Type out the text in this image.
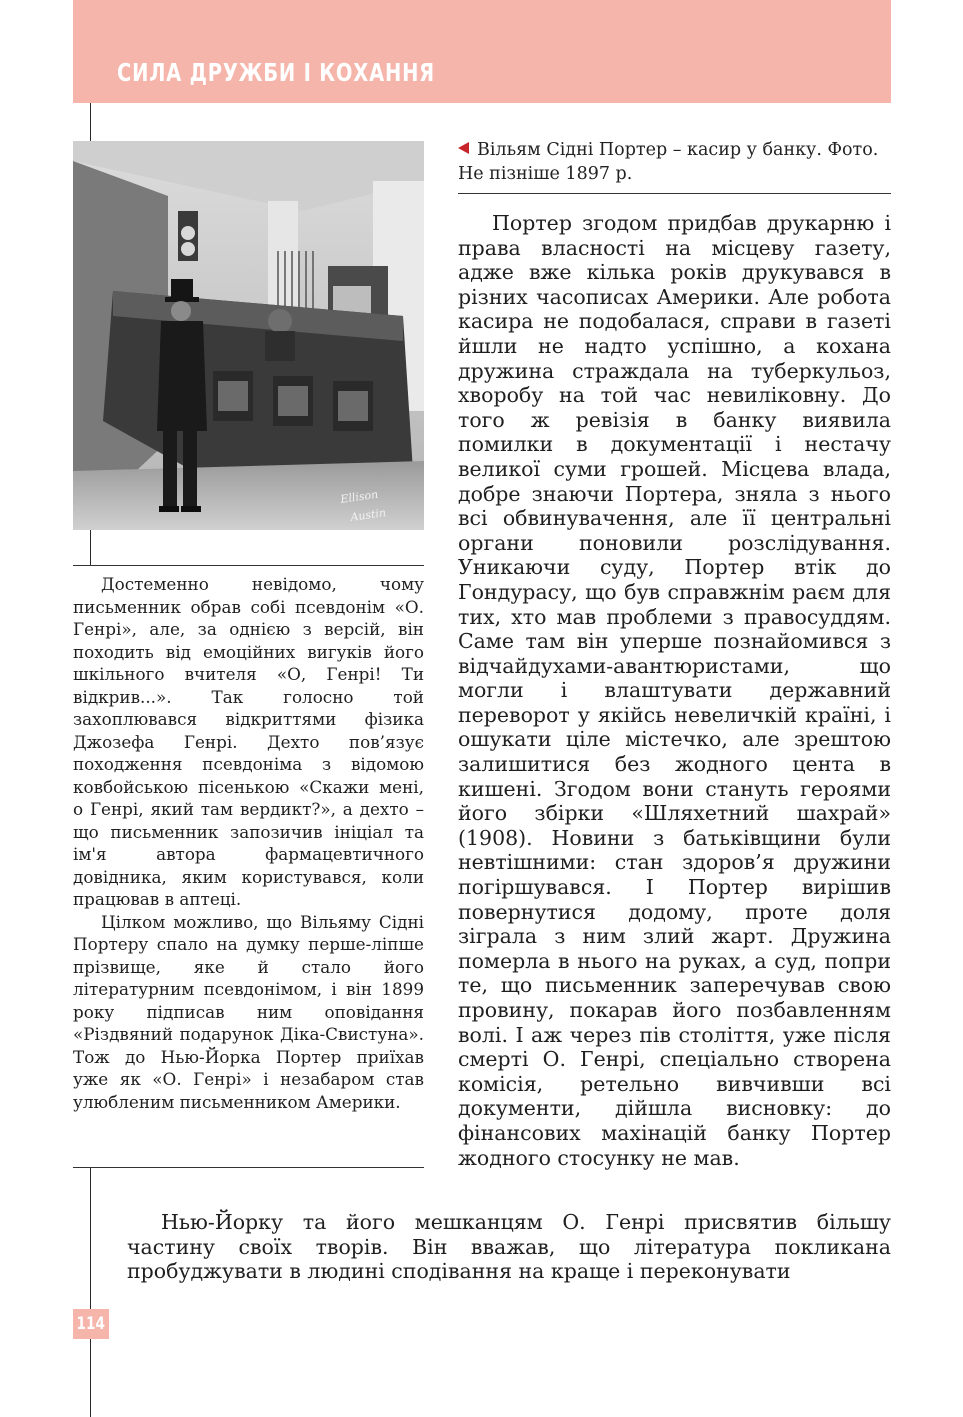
СИЛА ДРУЖБИ І КОХАННЯ
Ellison
Austin
Вільям Сідні Портер – касир у банку. Фото. Не пізніше 1897 р.

Достеменно невідомо, чому письменник обрав собі псевдонім «О. Генрі», але, за однією з версій, він походить від емоційних вигуків його шкільного вчителя «О, Генрі! Ти відкрив...». Так голосно той захоплювався відкриттями фізика Джозефа Генрі. Дехто пов’язує походження псевдоніма з відомою ковбойською пісенькою «Скажи мені, о Генрі, який там вердикт?», а дехто – що письменник запозичив ініціал та ім'я автора фармацевтичного довідника, яким користувався, коли працював в аптеці.

Цілком можливо, що Вільяму Сідні Портеру спало на думку перше-ліпше прізвище, яке й стало його літературним псевдонімом, і він 1899 року підписав ним оповідання «Різдвяний подарунок Діка-Свистуна». Тож до Нью-Йорка Портер приїхав уже як «О. Генрі» і незабаром став улюбленим письменником Америки.

Портер згодом придбав друкарню і права власності на місцеву газету, адже вже кілька років друкувався в різних часописах Америки. Але робота касира не подобалася, справи в газеті йшли не надто успішно, а кохана дружина страждала на туберкульоз, хворобу на той час невиліковну. До того ж ревізія в банку виявила помилки в документації і нестачу великої суми грошей. Місцева влада, добре знаючи Портера, зняла з нього всі обвинувачення, але її центральні органи поновили розслідування. Уникаючи суду, Портер втік до Гондурасу, що був справжнім раєм для тих, хто мав проблеми з правосуддям. Саме там він уперше познайомився з відчайдухами-авантюристами, що могли і влаштувати державний переворот у якійсь невеличкій країні, і ошукати ціле містечко, але зрештою залишитися без жодного цента в кишені. Згодом вони стануть героями його збірки «Шляхетний шахрай» (1908). Новини з батьківщини були невтішними: стан здоров’я дружини погіршувався. І Портер вирішив повернутися додому, проте доля зіграла з ним злий жарт. Дружина померла в нього на руках, а суд, попри те, що письменник заперечував свою провину, покарав його позбавленням волі. І аж через пів століття, уже після смерті О. Генрі, спеціально створена комісія, ретельно вивчивши всі документи, дійшла висновку: до фінансових махінацій банку Портер жодного стосунку не мав.

Нью-Йорку та його мешканцям О. Генрі присвятив більшу частину своїх творів. Він вважав, що література покликана пробуджувати в людині сподівання на краще і переконувати

114
